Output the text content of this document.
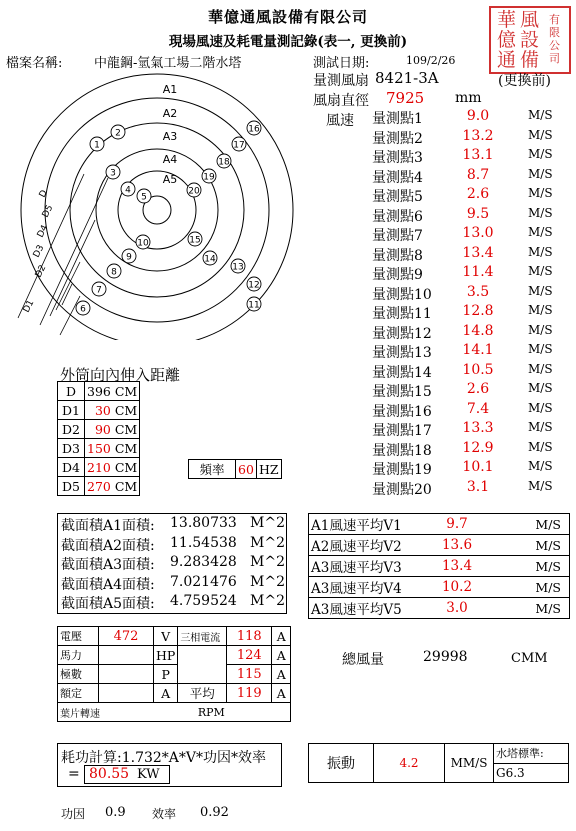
華億通風設備有限公司
現場風速及耗電量測記錄(表一, 更換前)
華 風
億 設
通 備
有
限
公
司
檔案名稱: 中龍鋼-氫氣工場二階水塔	測試日期:	109/2/26
量測風扇 8421-3A	(更換前)
風扇直徑 7925 mm
風速 量測點1	9.0	M/S
量測點2	13.2	M/S
量測點3	13.1	M/S
量測點4	8.7	M/S
量測點5	2.6	M/S
量測點6	9.5	M/S
量測點7	13.0	M/S
量測點8	13.4	M/S
量測點9	11.4	M/S
量測點10	3.5	M/S
量測點11	12.8	M/S
量測點12	14.8	M/S
量測點13	14.1	M/S
量測點14	10.5	M/S
量測點15	2.6	M/S
量測點16	7.4	M/S
量測點17	13.3	M/S
量測點18	12.9	M/S
量測點19	10.1	M/S
量測點20	3.1	M/S
A1
A2
A3
A4
A5
D1
D2
D3
D4
D5
D
1
2
3
4
5
6
7
8
9
10
11
12
13
14
15
16
17
18
19
20
外筒向內伸入距離
D	396	CM
D1	30	CM
D2	90	CM
D3	150	CM
D4	210	CM
D5	270	CM
頻率	60	HZ
截面積A1面積: 13.80733 M^2
截面積A2面積: 11.54538 M^2
截面積A3面積: 9.283428 M^2
截面積A4面積: 7.021476 M^2
截面積A5面積: 4.759524 M^2
A1風速平均V1	9.7	M/S
A2風速平均V2	13.6	M/S
A3風速平均V3	13.4	M/S
A3風速平均V4	10.2	M/S
A3風速平均V5	3.0	M/S
電壓	472	V	三相電流	118	A
馬力		HP		124	A
極數		P		115	A
額定		A	平均	119	A
葉片轉速			RPM		
總風量	29998	CMM
耗功計算:1.732*A*V*功因*效率
= 80.55 KW
功因 0.9 效率 0.92
振動	4.2	MM/S	水塔標準:
G6.3
